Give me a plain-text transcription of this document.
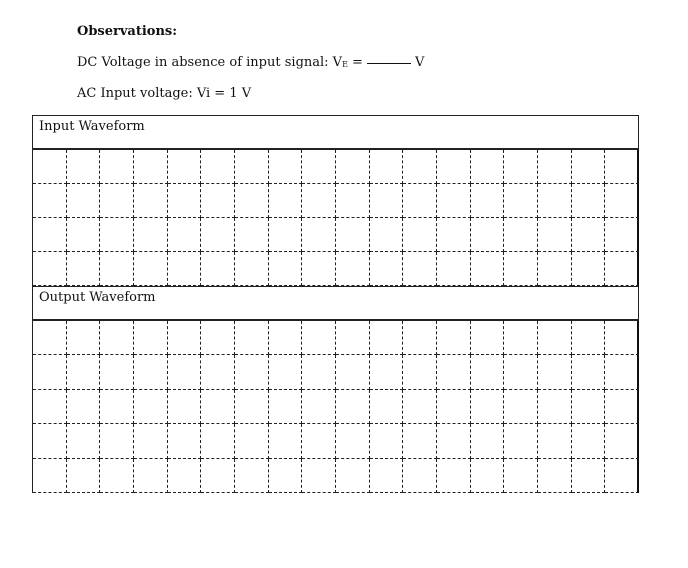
Observations:
DC Voltage in absence of input signal: VE =	V
AC Input voltage: Vi = 1 V
Input Waveform
Output Waveform
